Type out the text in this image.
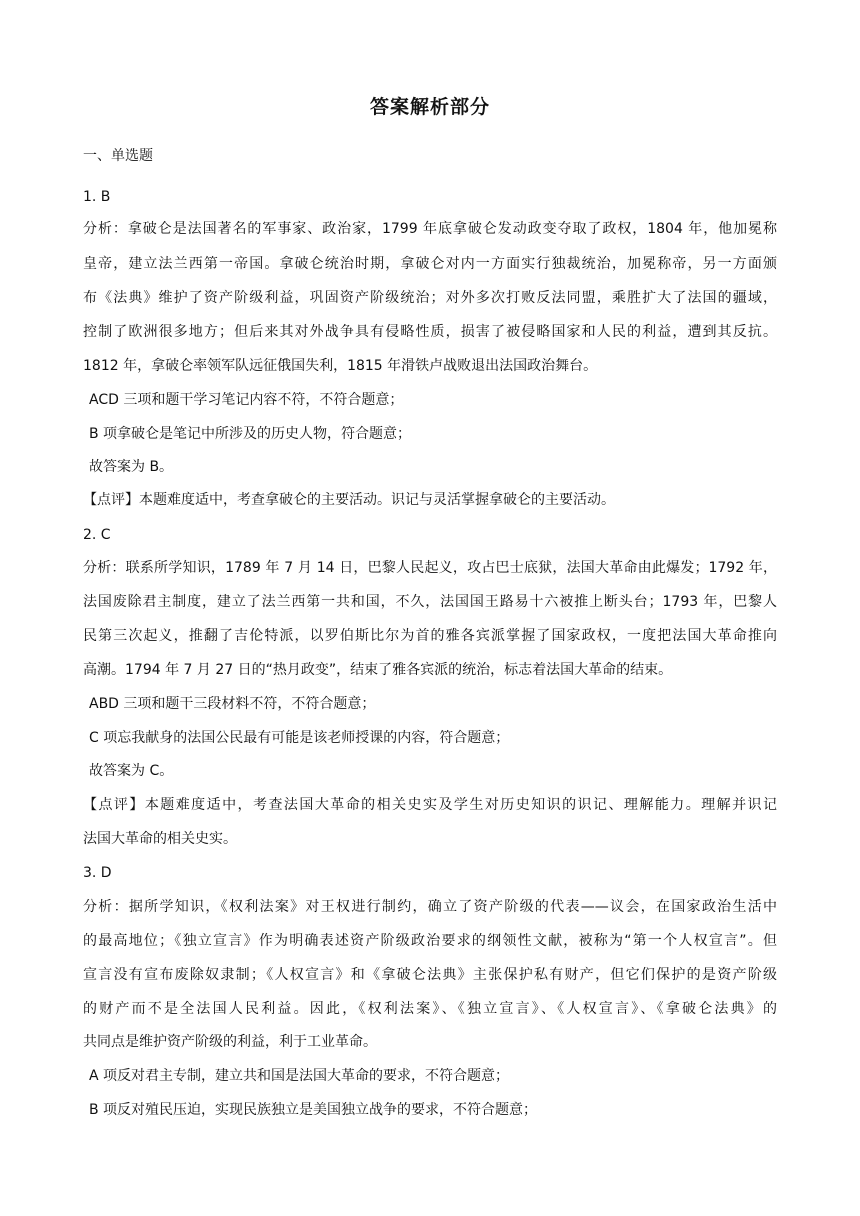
答案解析部分
一、单选题
1. B
分析：拿破仑是法国著名的军事家、政治家，1799 年底拿破仑发动政变夺取了政权，1804 年，他加冕称
皇帝，建立法兰西第一帝国。拿破仑统治时期，拿破仑对内一方面实行独裁统治，加冕称帝，另一方面颁
布《法典》维护了资产阶级利益，巩固资产阶级统治；对外多次打败反法同盟，乘胜扩大了法国的疆域，
控制了欧洲很多地方；但后来其对外战争具有侵略性质，损害了被侵略国家和人民的利益，遭到其反抗。
1812 年，拿破仑率领军队远征俄国失利，1815 年滑铁卢战败退出法国政治舞台。
ACD 三项和题干学习笔记内容不符，不符合题意；
B 项拿破仑是笔记中所涉及的历史人物，符合题意；
故答案为 B。
【点评】本题难度适中，考查拿破仑的主要活动。识记与灵活掌握拿破仑的主要活动。
2. C
分析：联系所学知识，1789 年 7 月 14 日，巴黎人民起义，攻占巴士底狱，法国大革命由此爆发；1792 年，
法国废除君主制度，建立了法兰西第一共和国，不久，法国国王路易十六被推上断头台；1793 年，巴黎人
民第三次起义，推翻了吉伦特派，以罗伯斯比尔为首的雅各宾派掌握了国家政权，一度把法国大革命推向
高潮。1794 年 7 月 27 日的“热月政变”，结束了雅各宾派的统治，标志着法国大革命的结束。
ABD 三项和题干三段材料不符，不符合题意；
C 项忘我献身的法国公民最有可能是该老师授课的内容，符合题意；
故答案为 C。
【点评】本题难度适中，考查法国大革命的相关史实及学生对历史知识的识记、理解能力。理解并识记
法国大革命的相关史实。
3. D
分析：据所学知识，《权利法案》对王权进行制约，确立了资产阶级的代表——议会，在国家政治生活中
的最高地位；《独立宣言》作为明确表述资产阶级政治要求的纲领性文献，被称为“第一个人权宣言”。但
宣言没有宣布废除奴隶制；《人权宣言》和《拿破仑法典》主张保护私有财产，但它们保护的是资产阶级
的财产而不是全法国人民利益。因此，《权利法案》、《独立宣言》、《人权宣言》、《拿破仑法典》的
共同点是维护资产阶级的利益，利于工业革命。
A 项反对君主专制，建立共和国是法国大革命的要求，不符合题意；
B 项反对殖民压迫，实现民族独立是美国独立战争的要求，不符合题意；
